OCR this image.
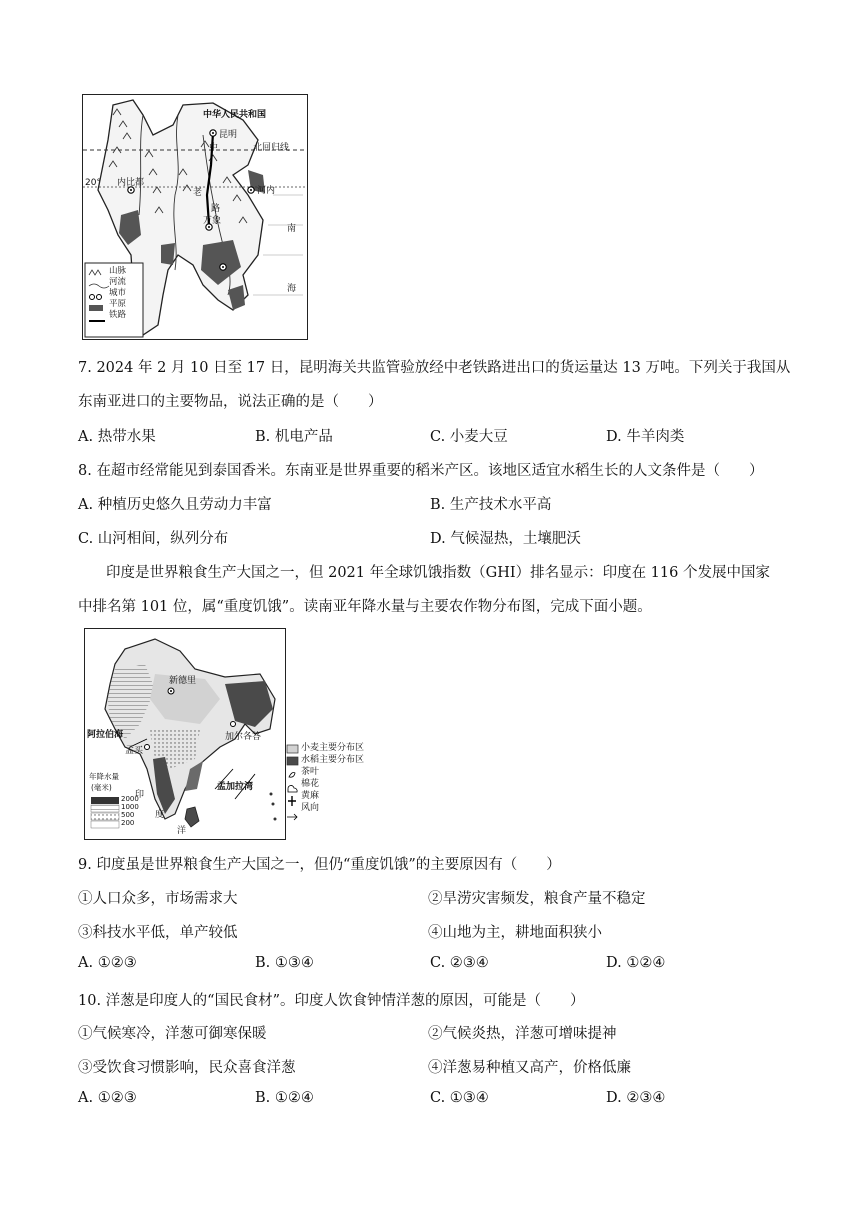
中华人民共和国
昆明
中	北回归线
20° 内比都
老
路
万象
河内
南
海
山脉
河流
城市
平原
铁路
7. 2024 年 2 月 10 日至 17 日，昆明海关共监管验放经中老铁路进出口的货运量达 13 万吨。下列关于我国从
东南亚进口的主要物品，说法正确的是（　　）
A. 热带水果	B. 机电产品	C. 小麦大豆	D. 牛羊肉类
8. 在超市经常能见到泰国香米。东南亚是世界重要的稻米产区。该地区适宜水稻生长的人文条件是（　　）
A. 种植历史悠久且劳动力丰富	B. 生产技术水平高
C. 山河相间，纵列分布	D. 气候湿热，土壤肥沃
印度是世界粮食生产大国之一，但 2021 年全球饥饿指数（GHI）排名显示：印度在 116 个发展中国家
中排名第 101 位，属“重度饥饿”。读南亚年降水量与主要农作物分布图，完成下面小题。
新德里
阿拉伯海
孟买
加尔各答
孟加拉湾
印
度
洋
年降水量
(毫米)
2000
1000
500
200
小麦主要分布区
水稻主要分布区
茶叶
棉花
黄麻
风向
9. 印度虽是世界粮食生产大国之一，但仍“重度饥饿”的主要原因有（　　）
①人口众多，市场需求大	②旱涝灾害频发，粮食产量不稳定
③科技水平低，单产较低	④山地为主，耕地面积狭小
A. ①②③	B. ①③④	C. ②③④	D. ①②④
10. 洋葱是印度人的“国民食材”。印度人饮食钟情洋葱的原因，可能是（　　）
①气候寒冷，洋葱可御寒保暖	②气候炎热，洋葱可增味提神
③受饮食习惯影响，民众喜食洋葱	④洋葱易种植又高产，价格低廉
A. ①②③	B. ①②④	C. ①③④	D. ②③④
